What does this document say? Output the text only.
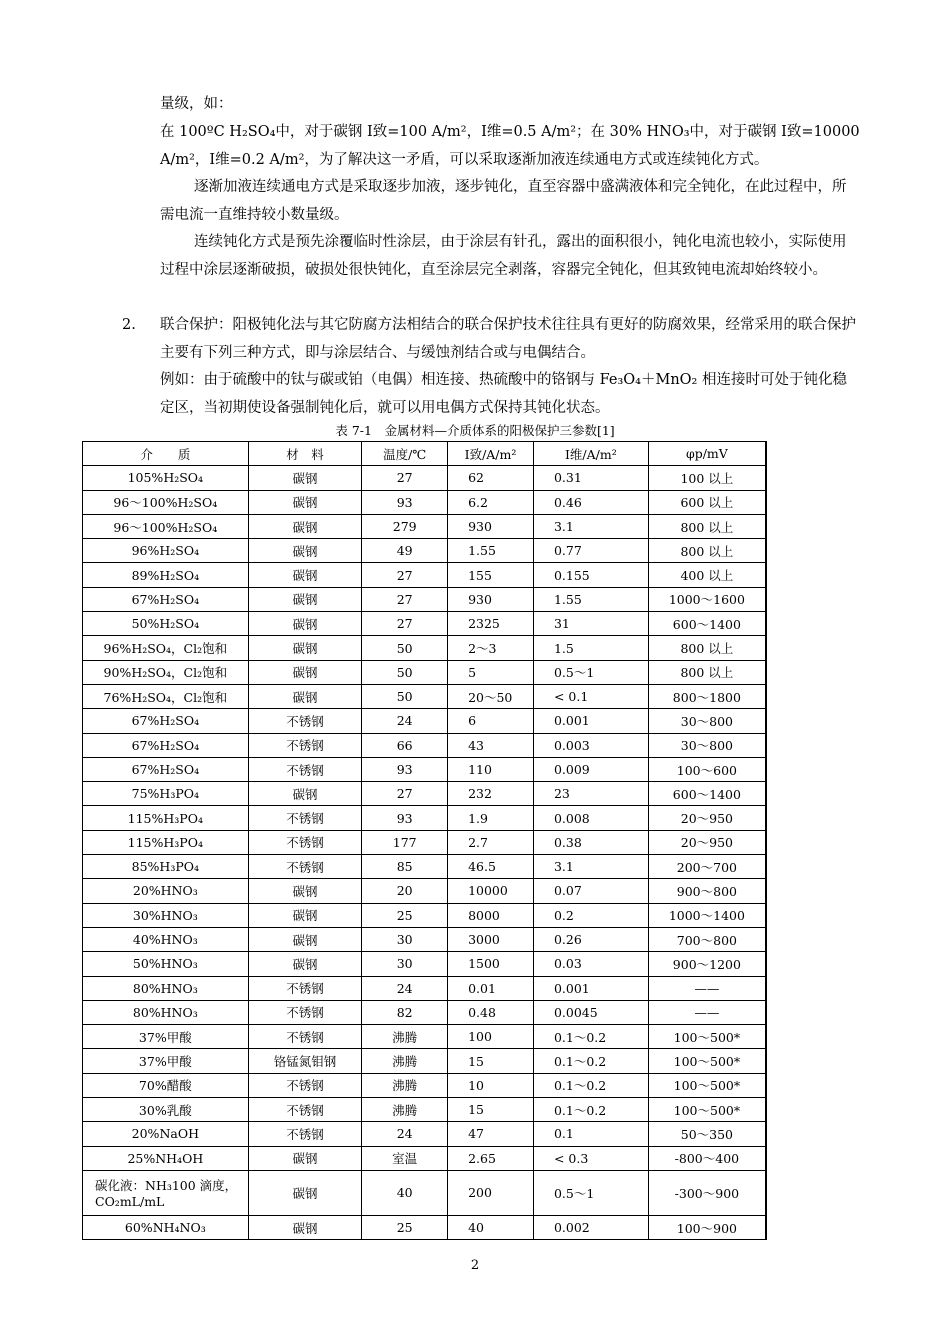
量级，如：

在 100ºC H₂SO₄中，对于碳钢 I致=100 A/m²，I维=0.5 A/m²；在 30% HNO₃中，对于碳钢 I致=10000

A/m²，I维=0.2 A/m²，为了解决这一矛盾，可以采取逐渐加液连续通电方式或连续钝化方式。

逐渐加液连续通电方式是采取逐步加液，逐步钝化，直至容器中盛满液体和完全钝化，在此过程中，所需电流一直维持较小数量级。

连续钝化方式是预先涂覆临时性涂层，由于涂层有针孔，露出的面积很小，钝化电流也较小，实际使用过程中涂层逐渐破损，破损处很快钝化，直至涂层完全剥落，容器完全钝化，但其致钝电流却始终较小。

2. 联合保护：阳极钝化法与其它防腐方法相结合的联合保护技术往往具有更好的防腐效果，经常采用的联合保护主要有下列三种方式，即与涂层结合、与缓蚀剂结合或与电偶结合。

例如：由于硫酸中的钛与碳或铂（电偶）相连接、热硫酸中的铬钢与 Fe₃O₄＋MnO₂ 相连接时可处于钝化稳定区，当初期使设备强制钝化后，就可以用电偶方式保持其钝化状态。

表 7-1　金属材料—介质体系的阳极保护三参数[1]
介　　质	材　料	温度/℃	I致/A/m²	I维/A/m²	φp/mV
105%H₂SO₄	碳钢	27	62	0.31	100 以上
96～100%H₂SO₄	碳钢	93	6.2	0.46	600 以上
96～100%H₂SO₄	碳钢	279	930	3.1	800 以上
96%H₂SO₄	碳钢	49	1.55	0.77	800 以上
89%H₂SO₄	碳钢	27	155	0.155	400 以上
67%H₂SO₄	碳钢	27	930	1.55	1000～1600
50%H₂SO₄	碳钢	27	2325	31	600～1400
96%H₂SO₄，Cl₂饱和	碳钢	50	2～3	1.5	800 以上
90%H₂SO₄，Cl₂饱和	碳钢	50	5	0.5～1	800 以上
76%H₂SO₄，Cl₂饱和	碳钢	50	20～50	< 0.1	800～1800
67%H₂SO₄	不锈钢	24	6	0.001	30～800
67%H₂SO₄	不锈钢	66	43	0.003	30～800
67%H₂SO₄	不锈钢	93	110	0.009	100～600
75%H₃PO₄	碳钢	27	232	23	600～1400
115%H₃PO₄	不锈钢	93	1.9	0.008	20～950
115%H₃PO₄	不锈钢	177	2.7	0.38	20～950
85%H₃PO₄	不锈钢	85	46.5	3.1	200～700
20%HNO₃	碳钢	20	10000	0.07	900～800
30%HNO₃	碳钢	25	8000	0.2	1000～1400
40%HNO₃	碳钢	30	3000	0.26	700～800
50%HNO₃	碳钢	30	1500	0.03	900～1200
80%HNO₃	不锈钢	24	0.01	0.001	——
80%HNO₃	不锈钢	82	0.48	0.0045	——
37%甲酸	不锈钢	沸腾	100	0.1～0.2	100～500*
37%甲酸	铬锰氮钼钢	沸腾	15	0.1～0.2	100～500*
70%醋酸	不锈钢	沸腾	10	0.1～0.2	100～500*
30%乳酸	不锈钢	沸腾	15	0.1～0.2	100～500*
20%NaOH	不锈钢	24	47	0.1	50～350
25%NH₄OH	碳钢	室温	2.65	< 0.3	-800～400
碳化液：NH₃100 滴度，CO₂mL/mL	碳钢	40	200	0.5～1	-300～900
60%NH₄NO₃	碳钢	25	40	0.002	100～900
2
